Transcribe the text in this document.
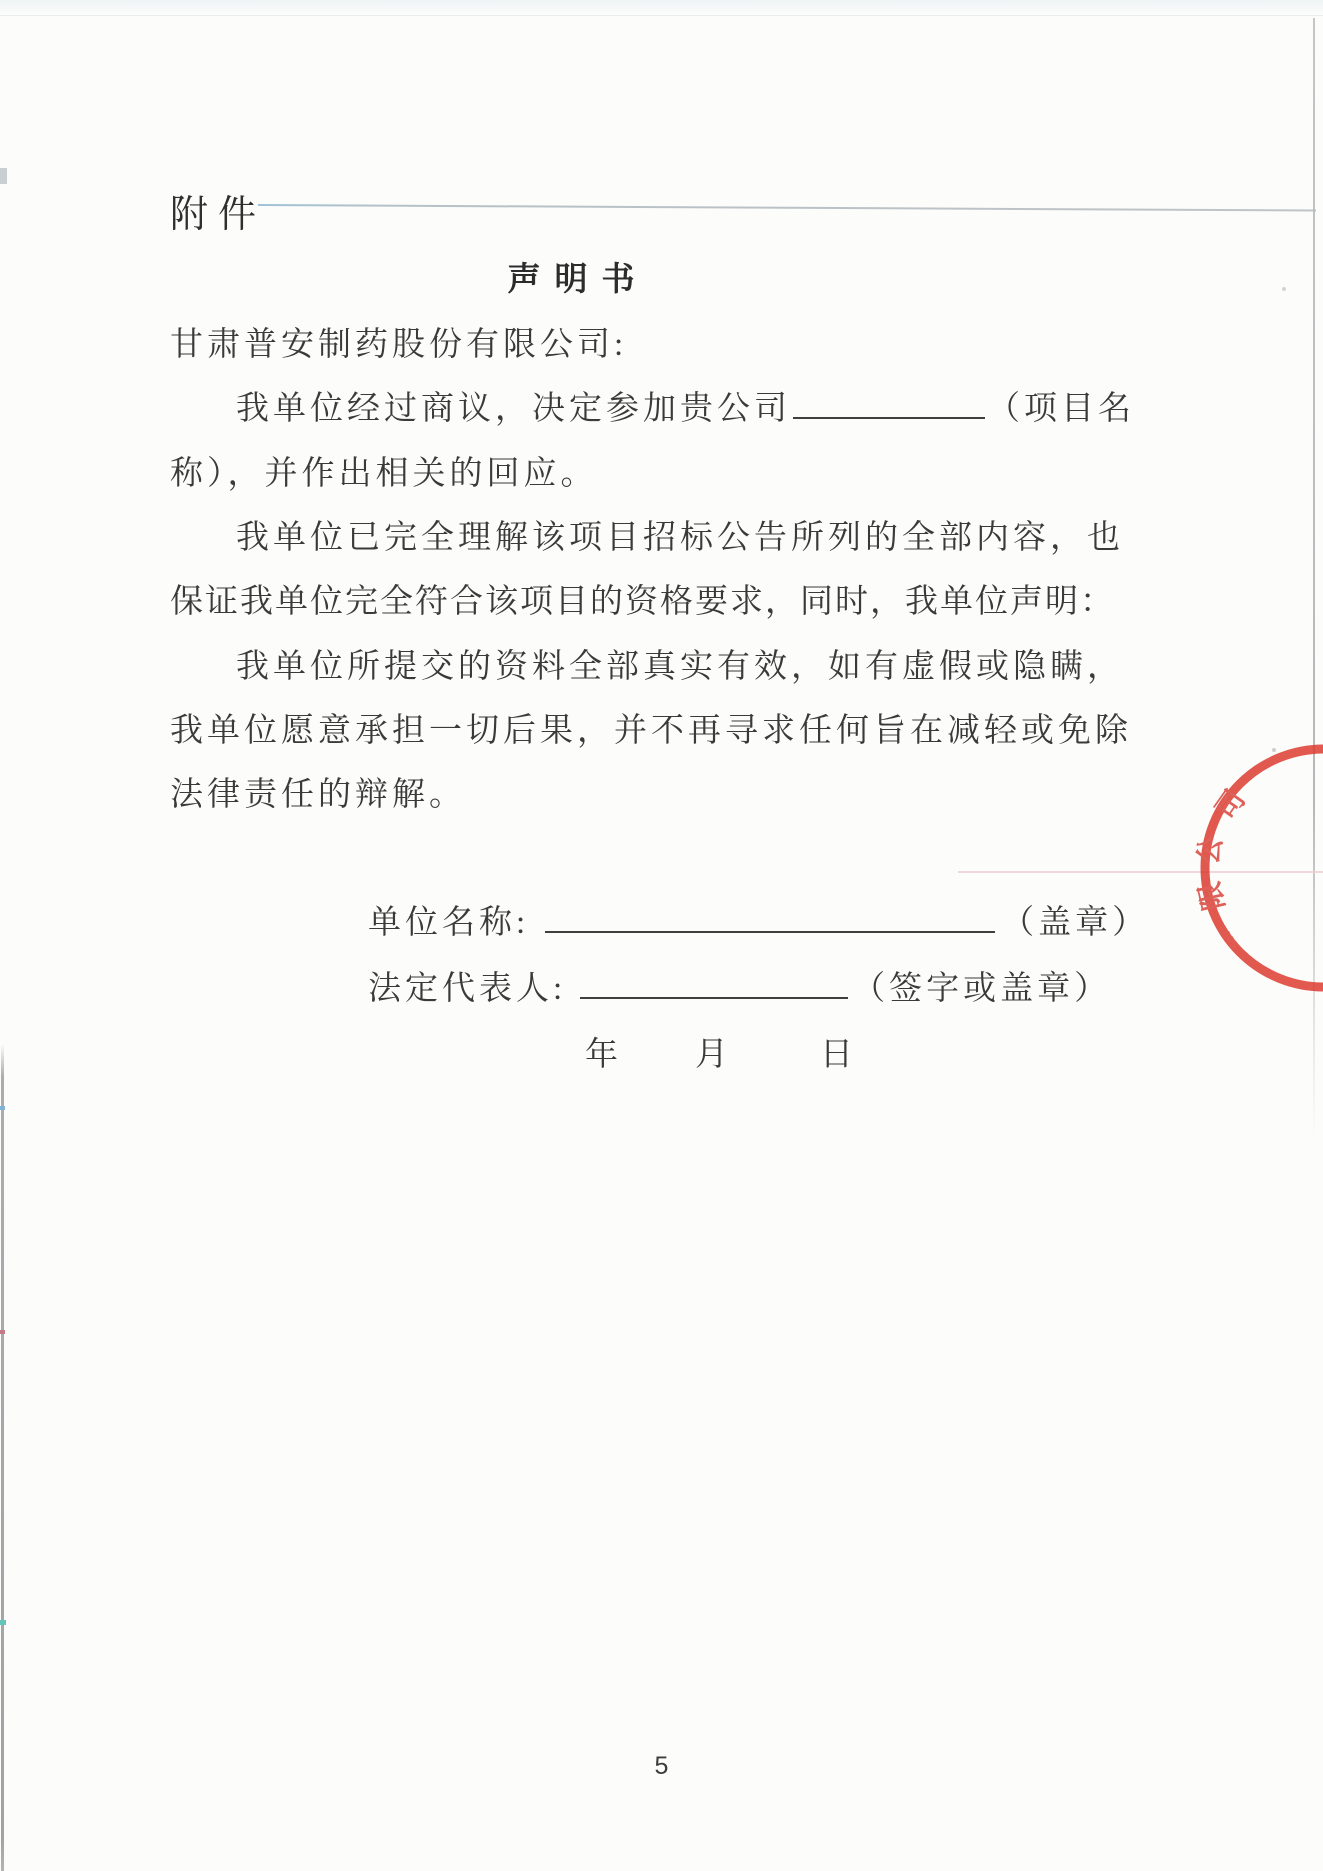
附件
声明书
甘肃普安制药股份有限公司:
我单位经过商议，决定参加贵公司	（项目名
称），并作出相关的回应。
我单位已完全理解该项目招标公告所列的全部内容，也
保证我单位完全符合该项目的资格要求，同时，我单位声明：
我单位所提交的资料全部真实有效，如有虚假或隐瞒，
我单位愿意承担一切后果，并不再寻求任何旨在减轻或免除
法律责任的辩解。
单位名称:	（盖章）
法定代表人:	（签字或盖章）
年 月	日
司
公
限
6000
5
